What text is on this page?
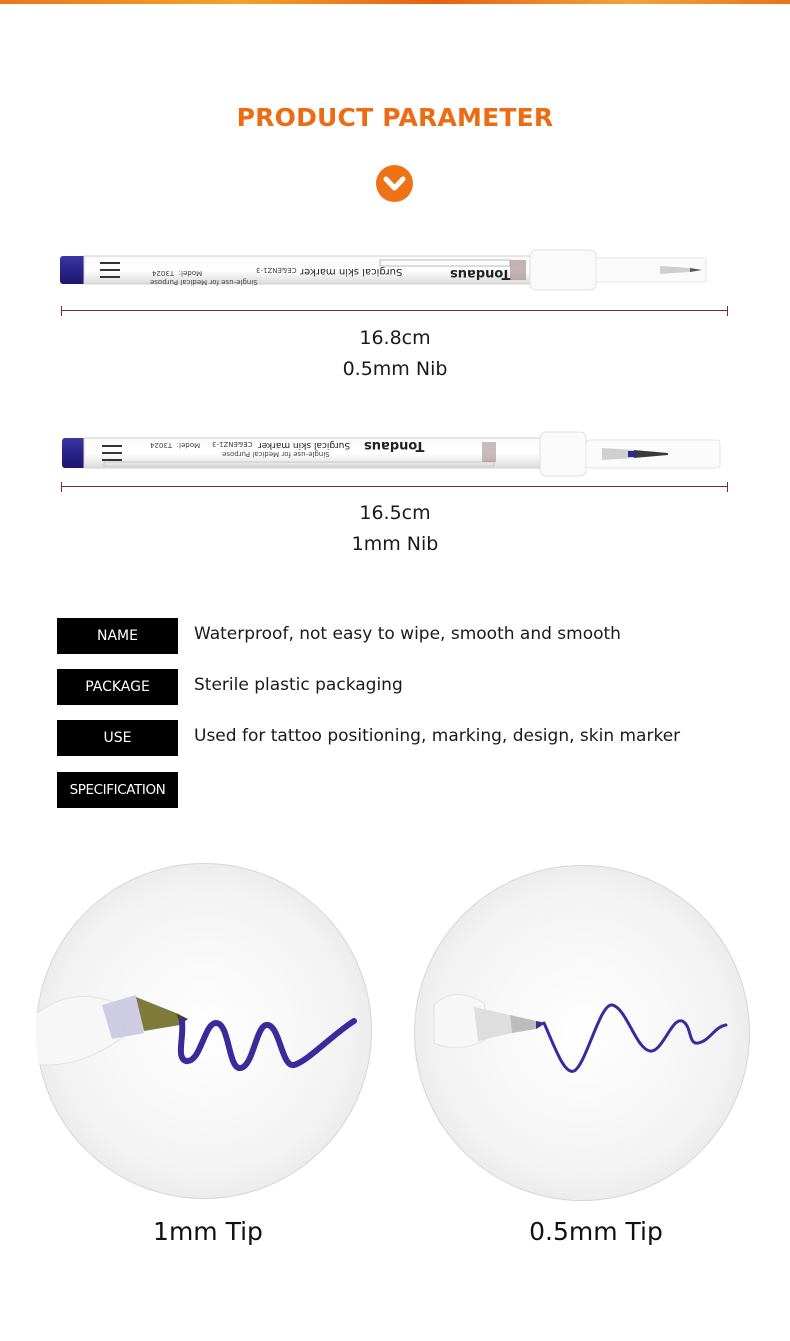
PRODUCT PARAMETER
Tondaus
Surgical skin marker
CE&ENZ1-3
Single-use for Medical Purpose
Model：T3024
16.8cm
0.5mm Nib
Tondaus
Surgical skin marker
CE&ENZ1-3
Single-use for Medical Purpose
Model：T3024
16.5cm
1mm Nib
NAME	Waterproof, not easy to wipe, smooth and smooth
PACKAGE	Sterile plastic packaging
USE	Used for tattoo positioning, marking, design, skin marker
SPECIFICATION
1mm Tip	0.5mm Tip
